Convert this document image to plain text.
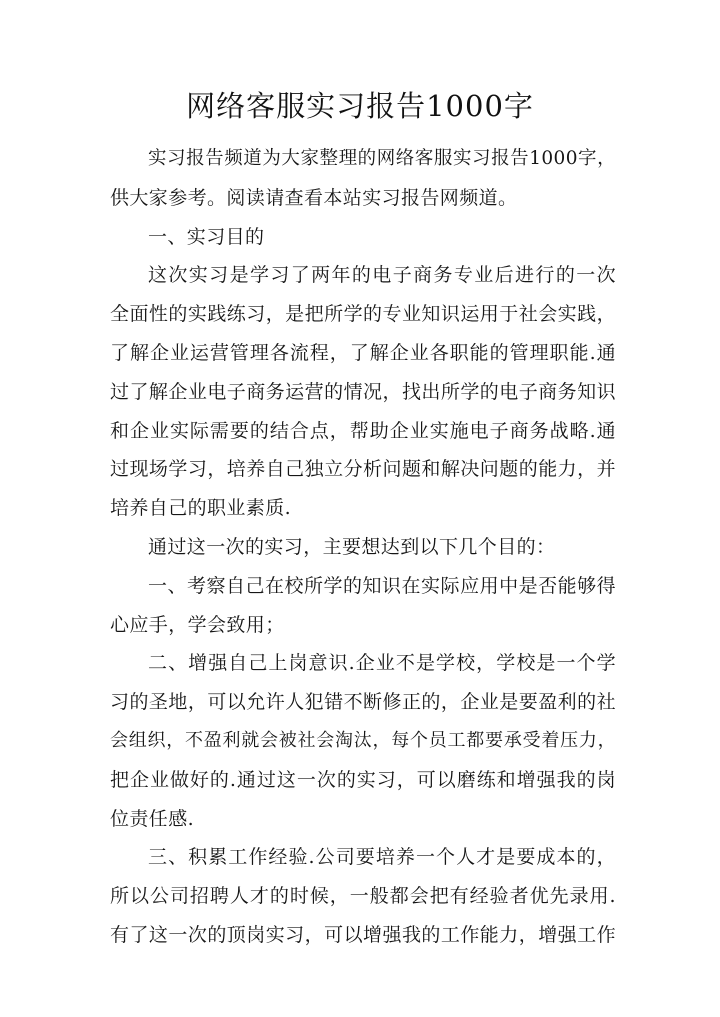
网络客服实习报告1000字
实习报告频道为大家整理的网络客服实习报告1000字，
供大家参考。阅读请查看本站实习报告网频道。
一、实习目的
这次实习是学习了两年的电子商务专业后进行的一次
全面性的实践练习，是把所学的专业知识运用于社会实践，
了解企业运营管理各流程，了解企业各职能的管理职能.通
过了解企业电子商务运营的情况，找出所学的电子商务知识
和企业实际需要的结合点，帮助企业实施电子商务战略.通
过现场学习，培养自己独立分析问题和解决问题的能力，并
培养自己的职业素质.
通过这一次的实习，主要想达到以下几个目的：
一、考察自己在校所学的知识在实际应用中是否能够得
心应手，学会致用；
二、增强自己上岗意识.企业不是学校，学校是一个学
习的圣地，可以允许人犯错不断修正的，企业是要盈利的社
会组织，不盈利就会被社会淘汰，每个员工都要承受着压力，
把企业做好的.通过这一次的实习，可以磨练和增强我的岗
位责任感.
三、积累工作经验.公司要培养一个人才是要成本的，
所以公司招聘人才的时候，一般都会把有经验者优先录用.
有了这一次的顶岗实习，可以增强我的工作能力，增强工作
